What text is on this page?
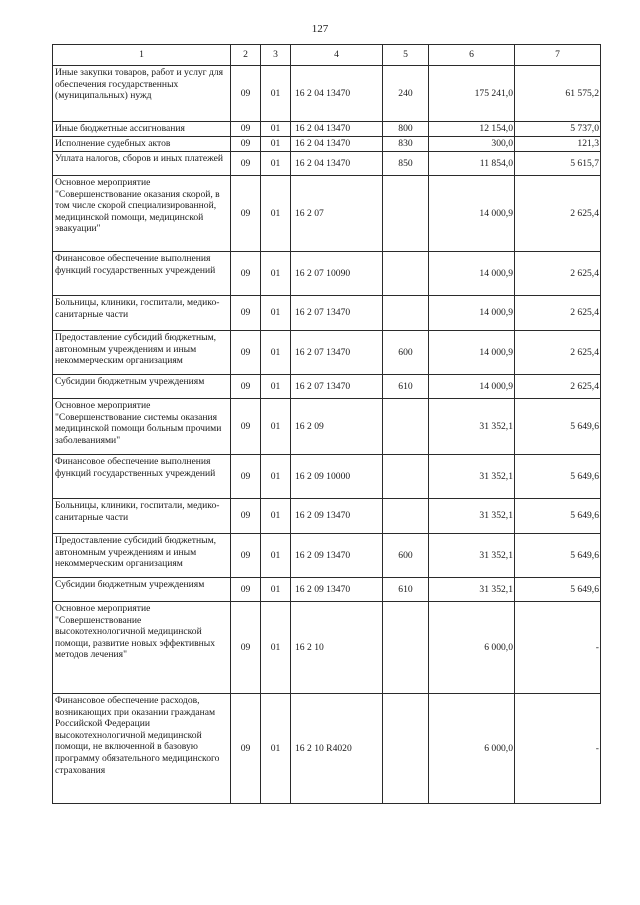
127
1	2	3	4	5	6	7
Иные закупки товаров, работ и услуг для обеспечения государственных (муниципальных) нужд	09	01	16 2 04 13470	240	175 241,0	61 575,2
Иные бюджетные ассигнования	09	01	16 2 04 13470	800	12 154,0	5 737,0
Исполнение судебных актов	09	01	16 2 04 13470	830	300,0	121,3
Уплата налогов, сборов и иных платежей	09	01	16 2 04 13470	850	11 854,0	5 615,7
Основное мероприятие "Совершенствование оказания скорой, в том числе скорой специализированной, медицинской помощи, медицинской эвакуации"	09	01	16 2 07		14 000,9	2 625,4
Финансовое обеспечение выполнения функций государственных учреждений	09	01	16 2 07 10090		14 000,9	2 625,4
Больницы, клиники, госпитали, медико-санитарные части	09	01	16 2 07 13470		14 000,9	2 625,4
Предоставление субсидий бюджетным, автономным учреждениям и иным некоммерческим организациям	09	01	16 2 07 13470	600	14 000,9	2 625,4
Субсидии бюджетным учреждениям	09	01	16 2 07 13470	610	14 000,9	2 625,4
Основное мероприятие "Совершенствование системы оказания медицинской помощи больным прочими заболеваниями"	09	01	16 2 09		31 352,1	5 649,6
Финансовое обеспечение выполнения функций государственных учреждений	09	01	16 2 09 10000		31 352,1	5 649,6
Больницы, клиники, госпитали, медико-санитарные части	09	01	16 2 09 13470		31 352,1	5 649,6
Предоставление субсидий бюджетным, автономным учреждениям и иным некоммерческим организациям	09	01	16 2 09 13470	600	31 352,1	5 649,6
Субсидии бюджетным учреждениям	09	01	16 2 09 13470	610	31 352,1	5 649,6
Основное мероприятие "Совершенствование высокотехнологичной медицинской помощи, развитие новых эффективных методов лечения"	09	01	16 2 10		6 000,0	-
Финансовое обеспечение расходов, возникающих при оказании гражданам Российской Федерации высокотехнологичной медицинской помощи, не включенной в базовую программу обязательного медицинского страхования	09	01	16 2 10 R4020		6 000,0	-
